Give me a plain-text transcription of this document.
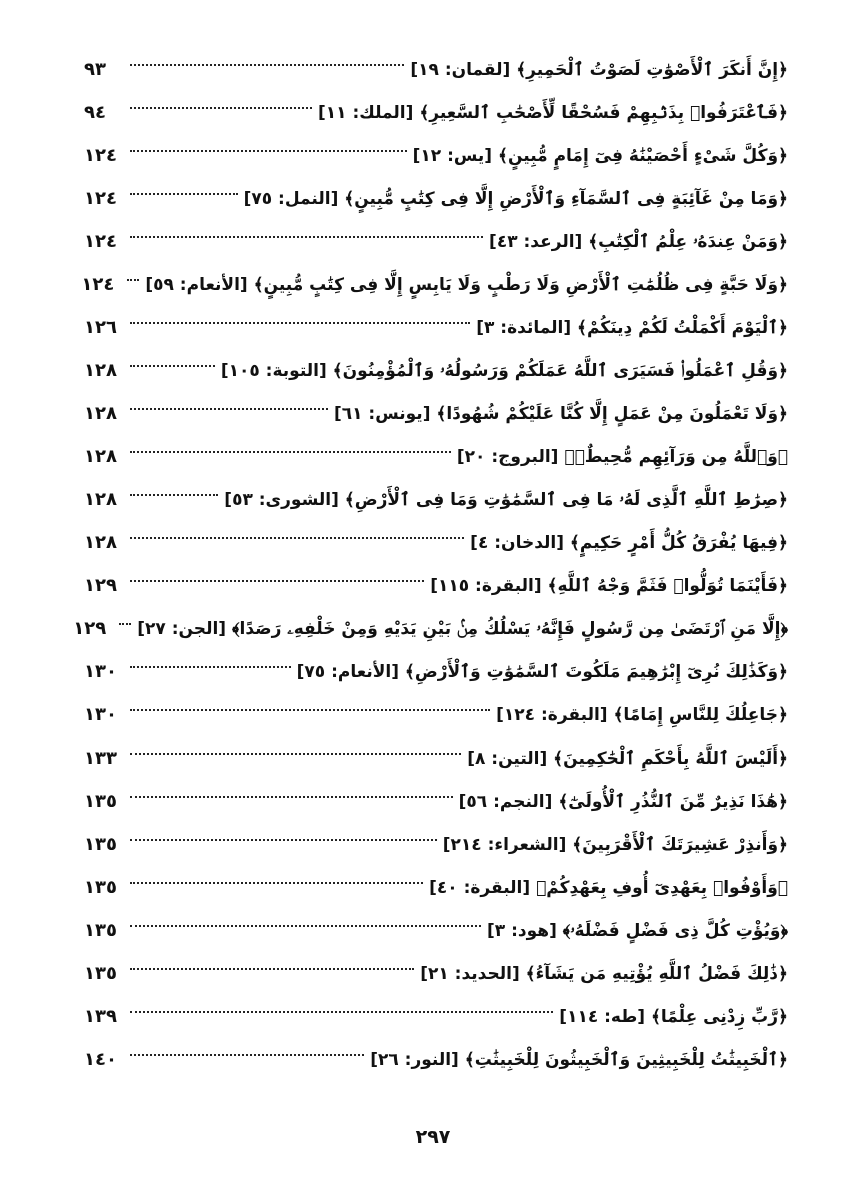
﴿إِنَّ أَنكَرَ ٱلْأَصْوَٰتِ لَصَوْتُ ٱلْحَمِيرِ﴾ [لقمان: ١٩]
٩٣
﴿فَٱعْتَرَفُوا۟ بِذَنۢبِهِمْ فَسُحْقًا لِّأَصْحَٰبِ ٱلسَّعِيرِ﴾ [الملك: ١١]
٩٤
﴿وَكُلَّ شَىْءٍ أَحْصَيْنَٰهُ فِىٓ إِمَامٍ مُّبِينٍ﴾ [يس: ١٢]
١٢٤
﴿وَمَا مِنْ غَآئِبَةٍ فِى ٱلسَّمَآءِ وَٱلْأَرْضِ إِلَّا فِى كِتَٰبٍ مُّبِينٍ﴾ [النمل: ٧٥]
١٢٤
﴿وَمَنْ عِندَهُۥ عِلْمُ ٱلْكِتَٰبِ﴾ [الرعد: ٤٣]
١٢٤
﴿وَلَا حَبَّةٍ فِى ظُلُمَٰتِ ٱلْأَرْضِ وَلَا رَطْبٍ وَلَا يَابِسٍ إِلَّا فِى كِتَٰبٍ مُّبِينٍ﴾ [الأنعام: ٥٩]
١٢٤
﴿ٱلْيَوْمَ أَكْمَلْتُ لَكُمْ دِينَكُمْ﴾ [المائدة: ٣]
١٢٦
﴿وَقُلِ ٱعْمَلُوا۟ فَسَيَرَى ٱللَّهُ عَمَلَكُمْ وَرَسُولُهُۥ وَٱلْمُؤْمِنُونَ﴾ [التوبة: ١٠٥]
١٢٨
﴿وَلَا تَعْمَلُونَ مِنْ عَمَلٍ إِلَّا كُنَّا عَلَيْكُمْ شُهُودًا﴾ [يونس: ٦١]
١٢٨
﴿وَٱللَّهُ مِن وَرَآئِهِم مُّحِيطٌۢ﴾ [البروج: ٢٠]
١٢٨
﴿صِرَٰطِ ٱللَّهِ ٱلَّذِى لَهُۥ مَا فِى ٱلسَّمَٰوَٰتِ وَمَا فِى ٱلْأَرْضِ﴾ [الشورى: ٥٣]
١٢٨
﴿فِيهَا يُفْرَقُ كُلُّ أَمْرٍ حَكِيمٍ﴾ [الدخان: ٤]
١٢٨
﴿فَأَيْنَمَا تُوَلُّوا۟ فَثَمَّ وَجْهُ ٱللَّهِ﴾ [البقرة: ١١٥]
١٢٩
﴿إِلَّا مَنِ ٱرْتَضَىٰ مِن رَّسُولٍ فَإِنَّهُۥ يَسْلُكُ مِنۢ بَيْنِ يَدَيْهِ وَمِنْ خَلْفِهِۦ رَصَدًا﴾ [الجن: ٢٧]
١٢٩
﴿وَكَذَٰلِكَ نُرِىٓ إِبْرَٰهِيمَ مَلَكُوتَ ٱلسَّمَٰوَٰتِ وَٱلْأَرْضِ﴾ [الأنعام: ٧٥]
١٣٠
﴿جَاعِلُكَ لِلنَّاسِ إِمَامًا﴾ [البقرة: ١٢٤]
١٣٠
﴿أَلَيْسَ ٱللَّهُ بِأَحْكَمِ ٱلْحَٰكِمِينَ﴾ [التين: ٨]
١٣٣
﴿هَٰذَا نَذِيرٌ مِّنَ ٱلنُّذُرِ ٱلْأُولَىٰٓ﴾ [النجم: ٥٦]
١٣٥
﴿وَأَنذِرْ عَشِيرَتَكَ ٱلْأَقْرَبِينَ﴾ [الشعراء: ٢١٤]
١٣٥
﴿وَأَوْفُوا۟ بِعَهْدِىٓ أُوفِ بِعَهْدِكُمْ﴾ [البقرة: ٤٠]
١٣٥
﴿وَيُؤْتِ كُلَّ ذِى فَضْلٍ فَضْلَهُۥ﴾ [هود: ٣]
١٣٥
﴿ذَٰلِكَ فَضْلُ ٱللَّهِ يُؤْتِيهِ مَن يَشَآءُ﴾ [الحديد: ٢١]
١٣٥
﴿رَّبِّ زِدْنِى عِلْمًا﴾ [طه: ١١٤]
١٣٩
﴿ٱلْخَبِيثَٰتُ لِلْخَبِيثِينَ وَٱلْخَبِيثُونَ لِلْخَبِيثَٰتِ﴾ [النور: ٢٦]
١٤٠
٢٩٧
